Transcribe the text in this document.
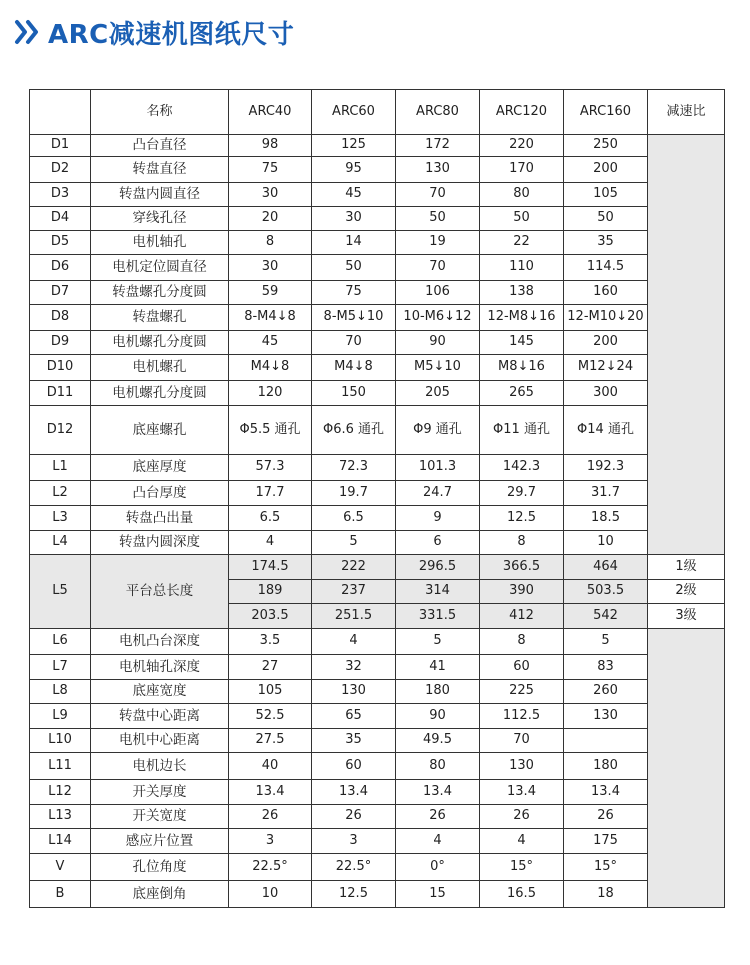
ARC减速机图纸尺寸
	名称	ARC40	ARC60	ARC80	ARC120	ARC160	减速比
D1	凸台直径	98	125	172	220	250	
D2	转盘直径	75	95	130	170	200	
D3	转盘内圆直径	30	45	70	80	105	
D4	穿线孔径	20	30	50	50	50	
D5	电机轴孔	8	14	19	22	35	
D6	电机定位圆直径	30	50	70	110	114.5	
D7	转盘螺孔分度圆	59	75	106	138	160	
D8	转盘螺孔	8-M4↓8	8-M5↓10	10-M6↓12	12-M8↓16	12-M10↓20	
D9	电机螺孔分度圆	45	70	90	145	200	
D10	电机螺孔	M4↓8	M4↓8	M5↓10	M8↓16	M12↓24	
D11	电机螺孔分度圆	120	150	205	265	300	
D12	底座螺孔	Φ5.5 通孔	Φ6.6 通孔	Φ9 通孔	Φ11 通孔	Φ14 通孔	
L1	底座厚度	57.3	72.3	101.3	142.3	192.3	
L2	凸台厚度	17.7	19.7	24.7	29.7	31.7	
L3	转盘凸出量	6.5	6.5	9	12.5	18.5	
L4	转盘内圆深度	4	5	6	8	10	
L5	平台总长度	174.5	222	296.5	366.5	464	1级
		189	237	314	390	503.5	2级
		203.5	251.5	331.5	412	542	3级
L6	电机凸台深度	3.5	4	5	8	5	
L7	电机轴孔深度	27	32	41	60	83	
L8	底座宽度	105	130	180	225	260	
L9	转盘中心距离	52.5	65	90	112.5	130	
L10	电机中心距离	27.5	35	49.5	70		
L11	电机边长	40	60	80	130	180	
L12	开关厚度	13.4	13.4	13.4	13.4	13.4	
L13	开关宽度	26	26	26	26	26	
L14	感应片位置	3	3	4	4	175	
V	孔位角度	22.5°	22.5°	0°	15°	15°	
B	底座倒角	10	12.5	15	16.5	18	
